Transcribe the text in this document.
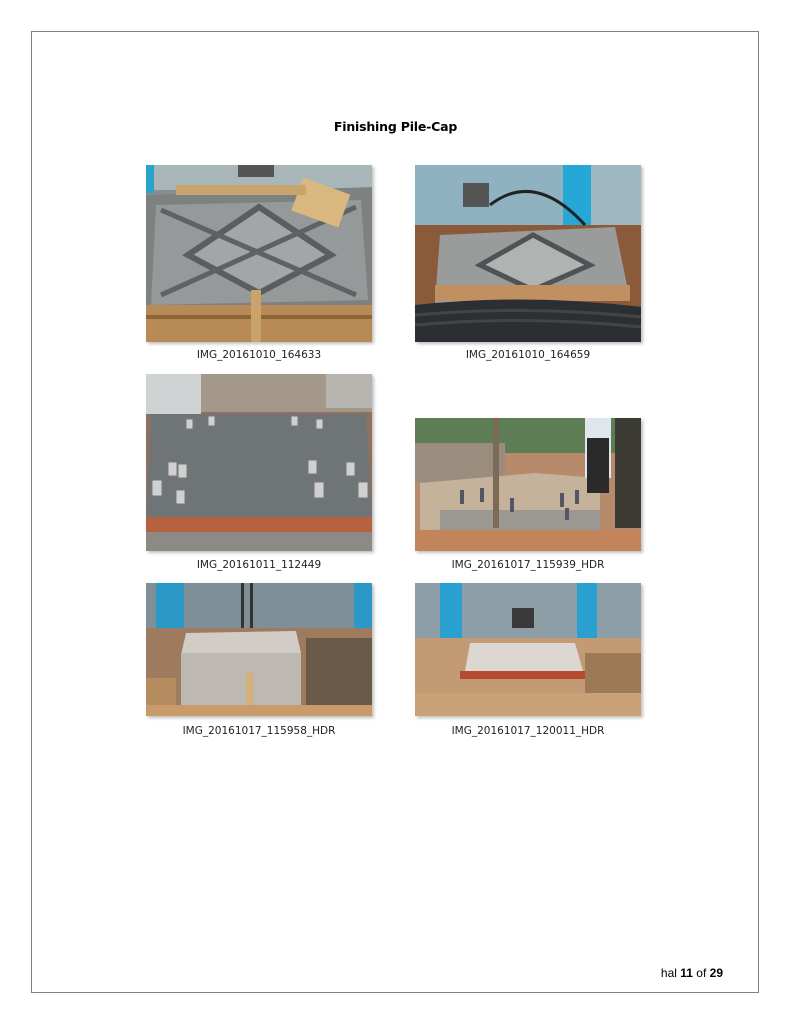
Finishing Pile-Cap
IMG_20161010_164633	IMG_20161010_164659
IMG_20161011_112449	IMG_20161017_115939_HDR
IMG_20161017_115958_HDR	IMG_20161017_120011_HDR
hal 11 of 29
